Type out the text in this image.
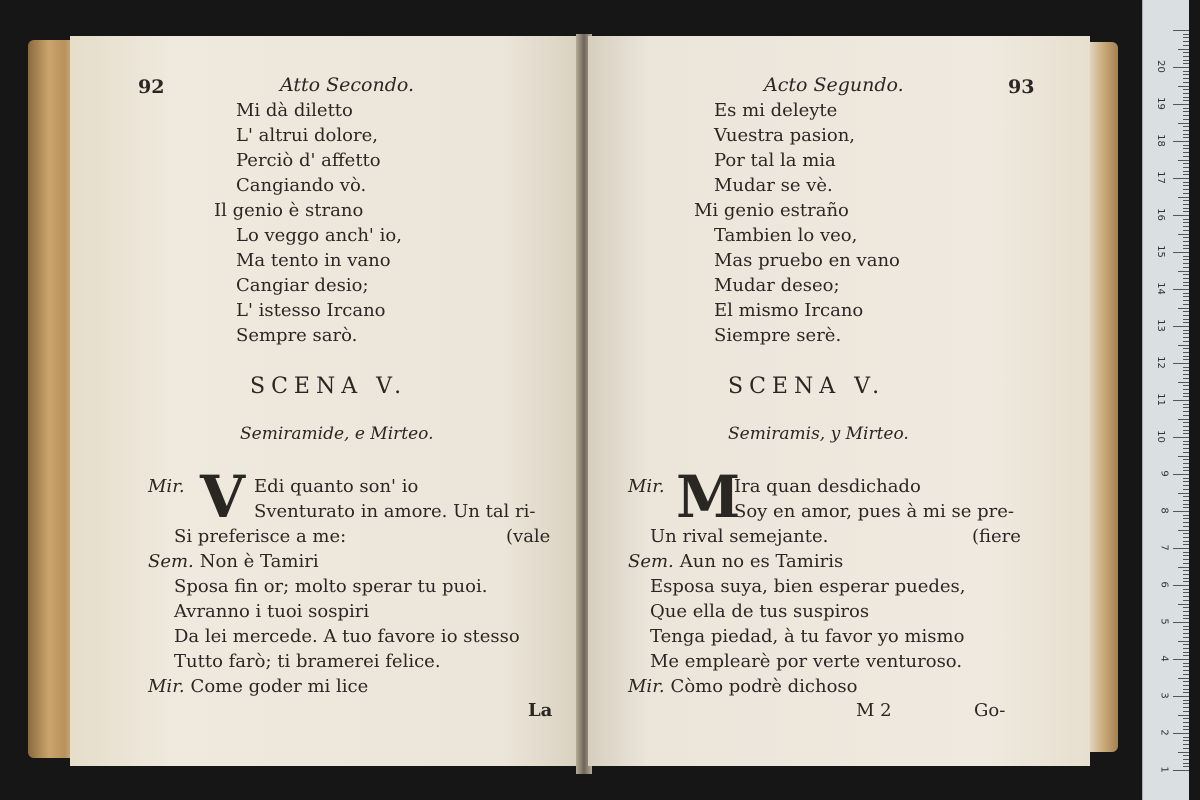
92	Atto Secondo.
Mi dà diletto
L' altrui dolore,
Perciò d' affetto
Cangiando vò.
Il genio è strano
Lo veggo anch' io,
Ma tento in vano
Cangiar desio;
L' istesso Ircano
Sempre sarò.
SCENA V.
Semiramide, e Mirteo.
Mir. V Edi quanto son' io
Sventurato in amore. Un tal ri-
Si preferisce a me:	(vale
Sem. Non è Tamiri
Sposa fin or; molto sperar tu puoi.
Avranno i tuoi sospiri
Da lei mercede. A tuo favore io stesso
Tutto farò; ti bramerei felice.
Mir. Come goder mi lice
La
Acto Segundo.	93
Es mi deleyte
Vuestra pasion,
Por tal la mia
Mudar se vè.
Mi genio estraño
Tambien lo veo,
Mas pruebo en vano
Mudar deseo;
El mismo Ircano
Siempre serè.
SCENA V.
Semiramis, y Mirteo.
Mir. M
Ira quan desdichado
Soy en amor, pues à mi se pre-
Un rival semejante.	(fiere
Sem. Aun no es Tamiris
Esposa suya, bien esperar puedes,
Que ella de tus suspiros
Tenga piedad, à tu favor yo mismo
Me emplearè por verte venturoso.
Mir. Còmo podrè dichoso
M 2	Go-
20
19
18
17
16
15
14
13
12
11
10
9
8
7
6
5
4
3
2
1
